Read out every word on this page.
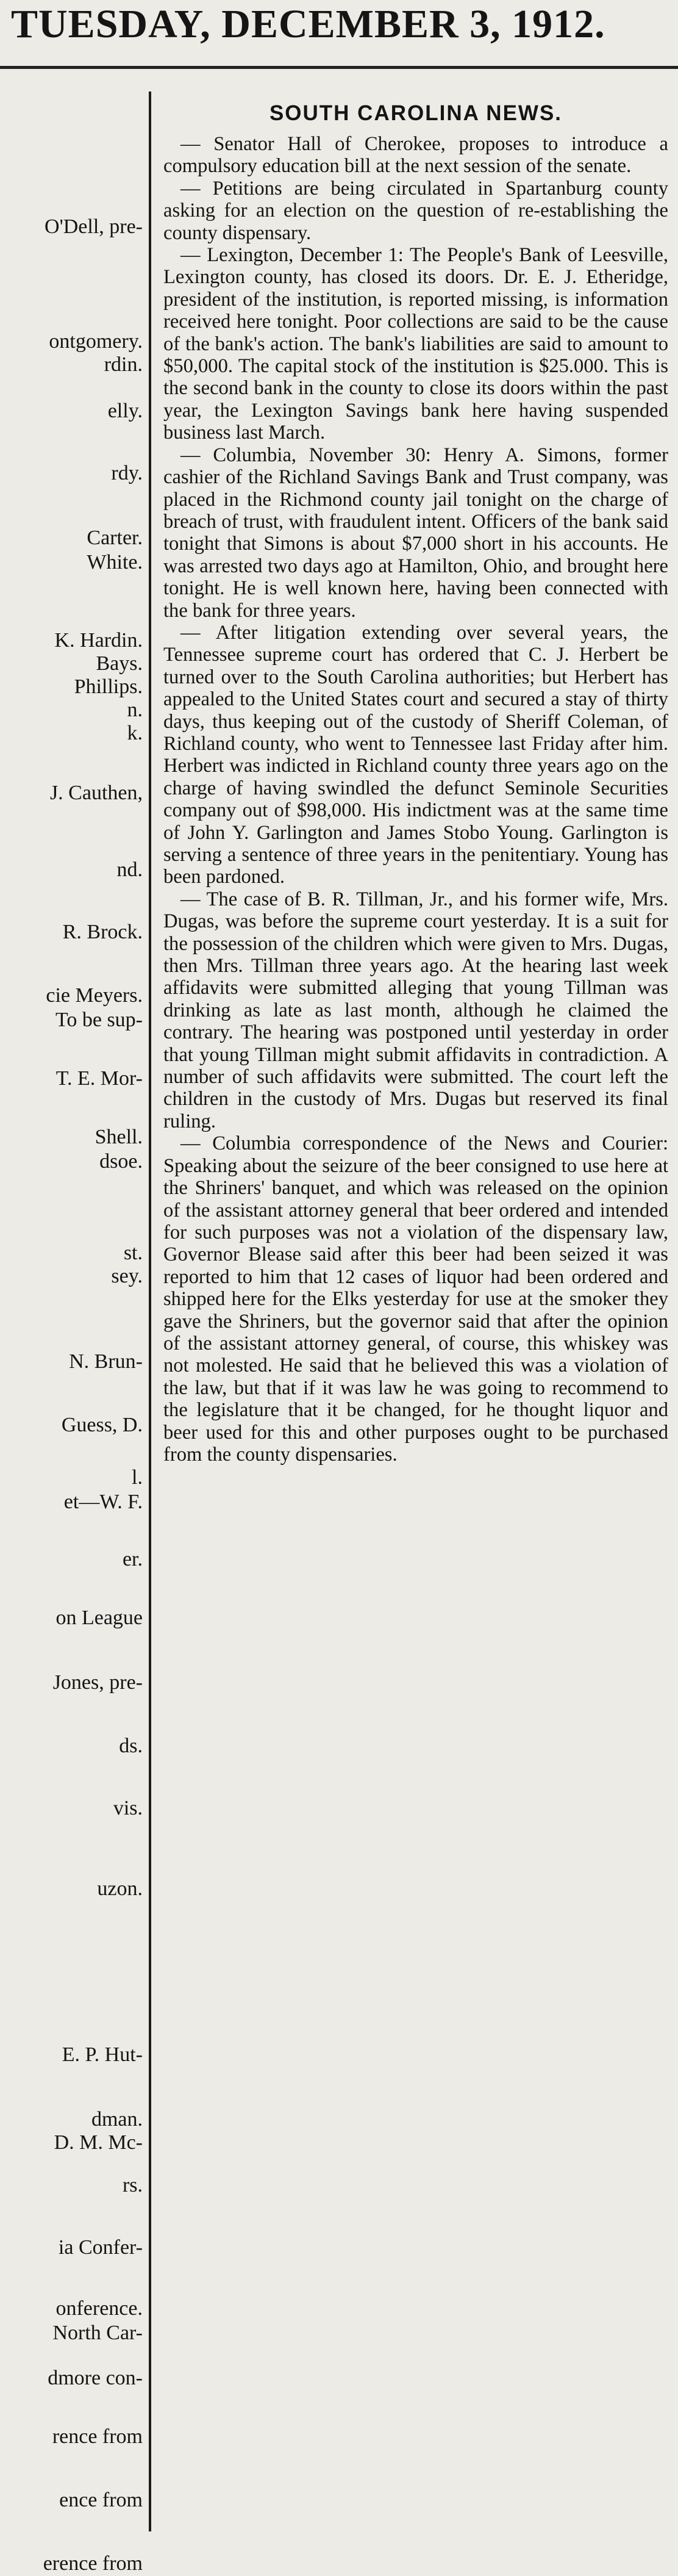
TUESDAY, DECEMBER 3, 1912.
O'Dell, pre-
ontgomery.
rdin.
elly.
rdy.
Carter.
White.
K. Hardin.
Bays.
Phillips.
n.
k.
J. Cauthen,
nd.
R. Brock.
cie Meyers.
To be sup-
T. E. Mor-
Shell.
dsoe.
st.
sey.
N. Brun-
Guess, D.
l.
et—W. F.
er.
on League
Jones, pre-
ds.
vis.
uzon.
E. P. Hut-
dman.
D. M. Mc-
rs.
ia Confer-
onference.
North Car-
dmore con-
rence from
ence from
erence from
SOUTH CAROLINA NEWS.

— Senator Hall of Cherokee, proposes to introduce a compulsory education bill at the next session of the senate.

— Petitions are being circulated in Spartanburg county asking for an election on the question of re-establishing the county dispensary.

— Lexington, December 1: The People's Bank of Leesville, Lexington county, has closed its doors. Dr. E. J. Etheridge, president of the institution, is reported missing, is information received here tonight. Poor collections are said to be the cause of the bank's action. The bank's liabilities are said to amount to $50,000. The capital stock of the institution is $25.000. This is the second bank in the county to close its doors within the past year, the Lexington Savings bank here having suspended business last March.

— Columbia, November 30: Henry A. Simons, former cashier of the Richland Savings Bank and Trust company, was placed in the Richmond county jail tonight on the charge of breach of trust, with fraudulent intent. Officers of the bank said tonight that Simons is about $7,000 short in his accounts. He was arrested two days ago at Hamilton, Ohio, and brought here tonight. He is well known here, having been connected with the bank for three years.

— After litigation extending over several years, the Tennessee supreme court has ordered that C. J. Herbert be turned over to the South Carolina authorities; but Herbert has appealed to the United States court and secured a stay of thirty days, thus keeping out of the custody of Sheriff Coleman, of Richland county, who went to Tennessee last Friday after him. Herbert was indicted in Richland county three years ago on the charge of having swindled the defunct Seminole Securities company out of $98,000. His indictment was at the same time of John Y. Garlington and James Stobo Young. Garlington is serving a sentence of three years in the penitentiary. Young has been pardoned.

— The case of B. R. Tillman, Jr., and his former wife, Mrs. Dugas, was before the supreme court yesterday. It is a suit for the possession of the children which were given to Mrs. Dugas, then Mrs. Tillman three years ago. At the hearing last week affidavits were submitted alleging that young Tillman was drinking as late as last month, although he claimed the contrary. The hearing was postponed until yesterday in order that young Tillman might submit affidavits in contradiction. A number of such affidavits were submitted. The court left the children in the custody of Mrs. Dugas but reserved its final ruling.

— Columbia correspondence of the News and Courier: Speaking about the seizure of the beer consigned to use here at the Shriners' banquet, and which was released on the opinion of the assistant attorney general that beer ordered and intended for such purposes was not a violation of the dispensary law, Governor Blease said after this beer had been seized it was reported to him that 12 cases of liquor had been ordered and shipped here for the Elks yesterday for use at the smoker they gave the Shriners, but the governor said that after the opinion of the assistant attorney general, of course, this whiskey was not molested. He said that he believed this was a violation of the law, but that if it was law he was going to recommend to the legislature that it be changed, for he thought liquor and beer used for this and other purposes ought to be purchased from the county dispensaries.
